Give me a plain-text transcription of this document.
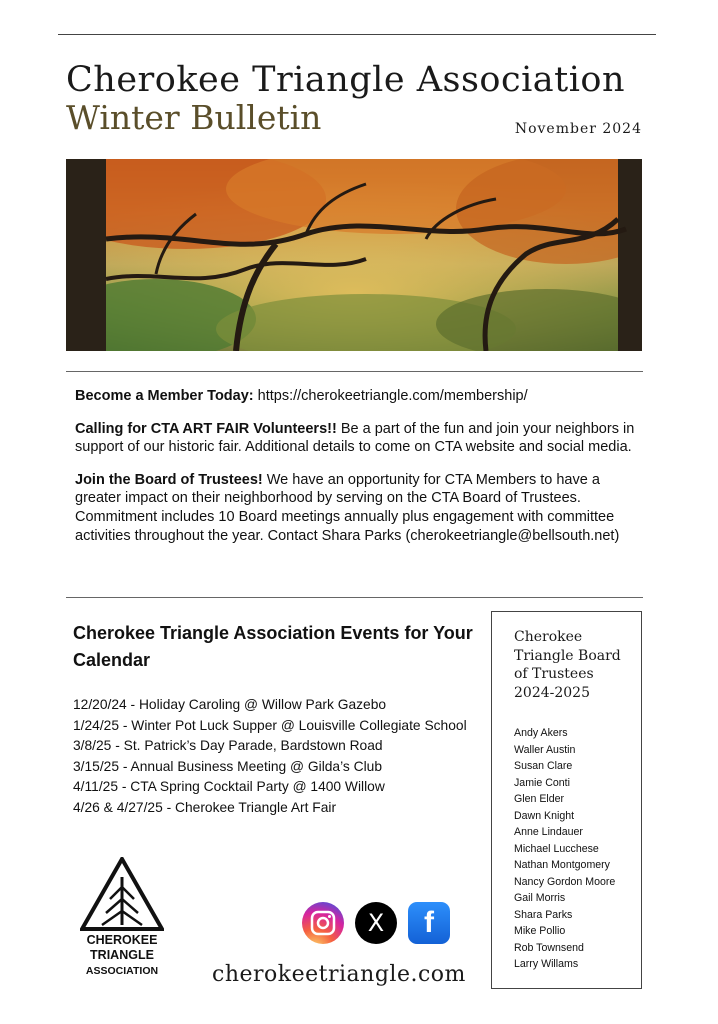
Cherokee Triangle Association
Winter Bulletin	November 2024

Become a Member Today: https://cherokeetriangle.com/membership/

Calling for CTA ART FAIR Volunteers!! Be a part of the fun and join your neighbors in support of our historic fair. Additional details to come on CTA website and social media.

Join the Board of Trustees! We have an opportunity for CTA Members to have a greater impact on their neighborhood by serving on the CTA Board of Trustees. Commitment includes 10 Board meetings annually plus engagement with committee activities throughout the year. Contact Shara Parks (cherokeetriangle@bellsouth.net)

Cherokee Triangle Association Events for Your Calendar
12/20/24 - Holiday Caroling @ Willow Park Gazebo
1/24/25 - Winter Pot Luck Supper @ Louisville Collegiate School
3/8/25 - St. Patrick’s Day Parade, Bardstown Road
3/15/25 - Annual Business Meeting @ Gilda’s Club
4/11/25 - CTA Spring Cocktail Party @ 1400 Willow
4/26 & 4/27/25 - Cherokee Triangle Art Fair
Cherokee Triangle Board of Trustees 2024-2025
Andy Akers
Waller Austin
Susan Clare
Jamie Conti
Glen Elder
Dawn Knight
Anne Lindauer
Michael Lucchese
Nathan Montgomery
Nancy Gordon Moore
Gail Morris
Shara Parks
Mike Pollio
Rob Townsend
Larry Willams
CHEROKEE
TRIANGLE
ASSOCIATION
X	f
cherokeetriangle.com
